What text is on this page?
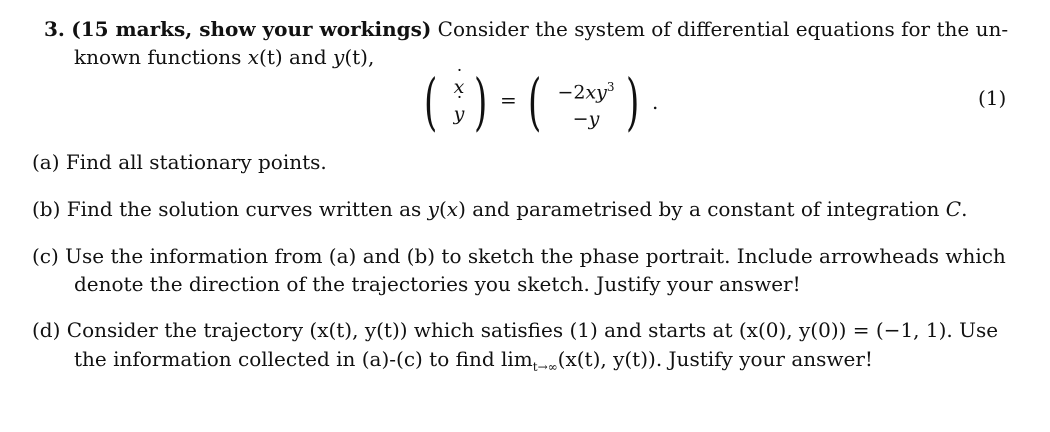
3. (15 marks, show your workings) Consider the system of differential equations for the un-
known functions x(t) and y(t),
( x ˙
y ˙ ) = ( $-2xy^3$
−y ) .	(1)
(a) Find all stationary points.
(b) Find the solution curves written as y(x) and parametrised by a constant of integration C.
(c) Use the information from (a) and (b) to sketch the phase portrait. Include arrowheads which
denote the direction of the trajectories you sketch. Justify your answer!
(d) Consider the trajectory (x(t), y(t)) which satisfies (1) and starts at (x(0), y(0)) = (−1, 1). Use
the information collected in (a)-(c) to find $\lim_{t\to\infty}(x(t)$, y(t)). Justify your answer!
